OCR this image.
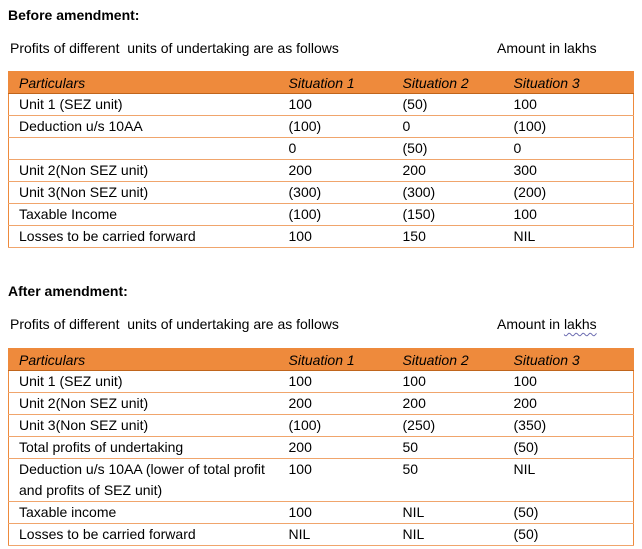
Before amendment:
Profits of different  units of undertaking are as follows	Amount in lakhs
Particulars	Situation 1	Situation 2	Situation 3
Unit 1 (SEZ unit)	100	(50)	100
Deduction u/s 10AA	(100)	0	(100)
	0	(50)	0
Unit 2(Non SEZ unit)	200	200	300
Unit 3(Non SEZ unit)	(300)	(300)	(200)
Taxable Income	(100)	(150)	100
Losses to be carried forward	100	150	NIL
After amendment:
Profits of different  units of undertaking are as follows	Amount in lakhs
Particulars	Situation 1	Situation 2	Situation 3
Unit 1 (SEZ unit)	100	100	100
Unit 2(Non SEZ unit)	200	200	200
Unit 3(Non SEZ unit)	(100)	(250)	(350)
Total profits of undertaking	200	50	(50)
Deduction u/s 10AA (lower of total profit and profits of SEZ unit)	100	50	NIL
Taxable income	100	NIL	(50)
Losses to be carried forward	NIL	NIL	(50)
